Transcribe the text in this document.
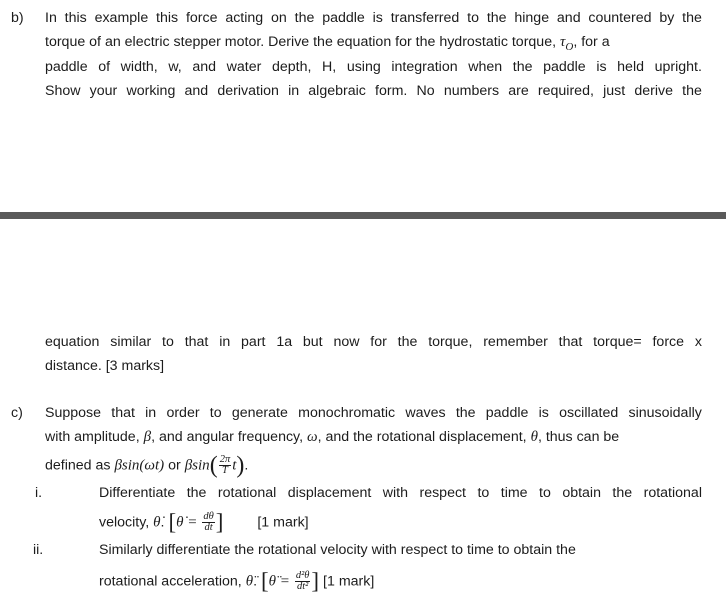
b) In this example this force acting on the paddle is transferred to the hinge and countered by the
torque of an electric stepper motor. Derive the equation for the hydrostatic torque, $\tau_O$, for a
paddle of width, w, and water depth, H, using integration when the paddle is held upright.
Show your working and derivation in algebraic form. No numbers are required, just derive the
equation similar to that in part 1a but now for the torque, remember that torque= force x
distance. [3 marks]
c) Suppose that in order to generate monochromatic waves the paddle is oscillated sinusoidally
with amplitude, β, and angular frequency, ω, and the rotational displacement, θ, thus can be
defined as βsin(ωt) or $\beta\sin( \frac{2\pi}{T} t)$.
i.	Differentiate the rotational displacement with respect to time to obtain the rotational
velocity, θ̇. [θ̇ = $\frac{d\theta}{dt}$ ] [1 mark]
ii.	Similarly differentiate the rotational velocity with respect to time to obtain the
rotational acceleration, θ̈. [θ̈ = $\frac{\text{d²θ}}{\text{dt²}}$ ] [1 mark]
